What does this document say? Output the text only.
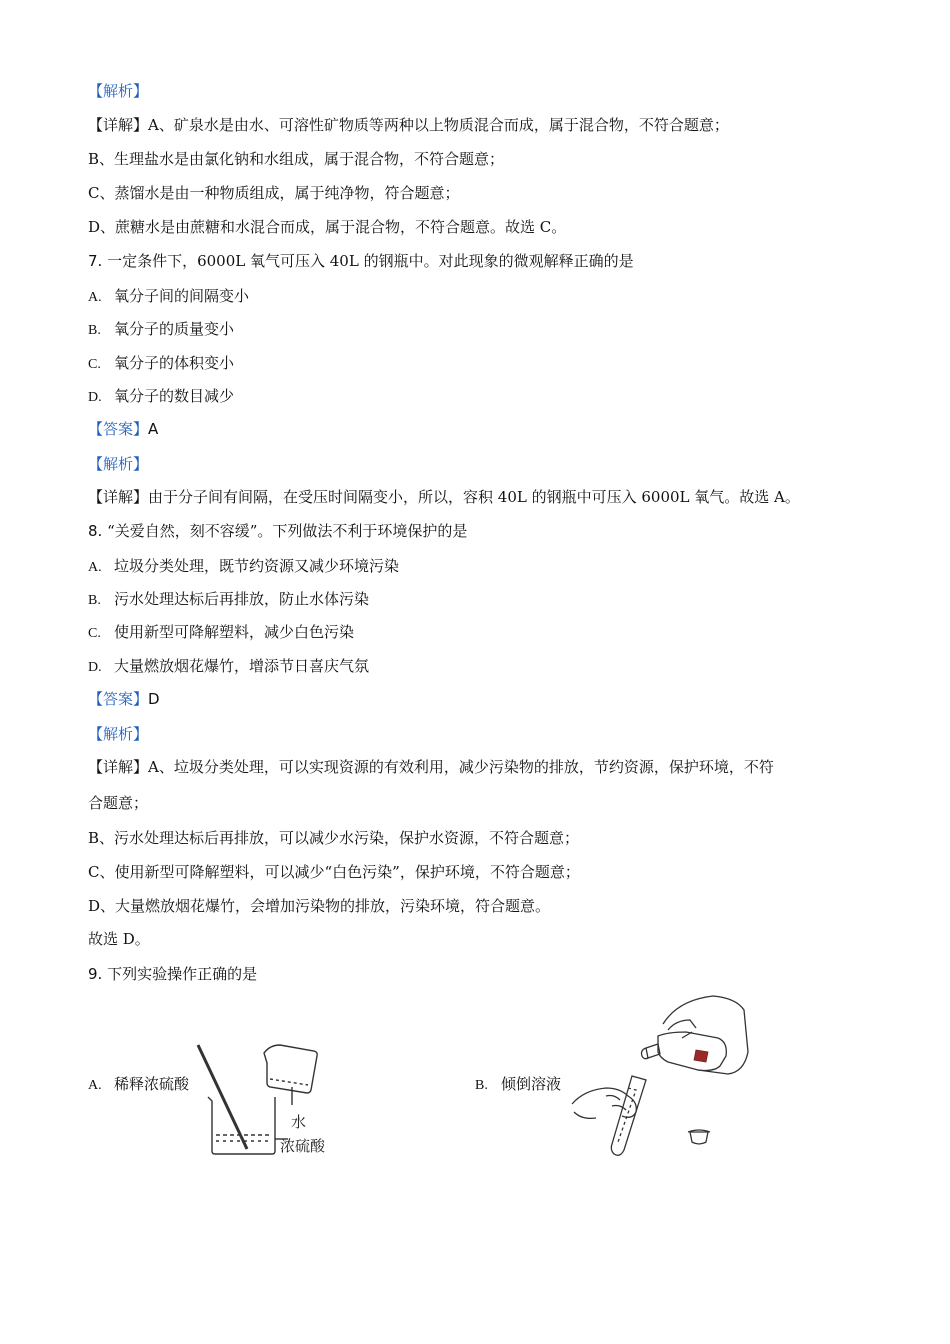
【解析】
【详解】A、矿泉水是由水、可溶性矿物质等两种以上物质混合而成，属于混合物，不符合题意；
B、生理盐水是由氯化钠和水组成，属于混合物，不符合题意；
C、蒸馏水是由一种物质组成，属于纯净物，符合题意；
D、蔗糖水是由蔗糖和水混合而成，属于混合物，不符合题意。故选 C。
7. 一定条件下，6000L 氧气可压入 40L 的钢瓶中。对此现象的微观解释正确的是
A. 氧分子间的间隔变小
B. 氧分子的质量变小
C. 氧分子的体积变小
D. 氧分子的数目减少
【答案】A
【解析】
【详解】由于分子间有间隔，在受压时间隔变小，所以，容积 40L 的钢瓶中可压入 6000L 氧气。故选 A。
8. “关爱自然，刻不容缓”。下列做法不利于环境保护的是
A. 垃圾分类处理，既节约资源又减少环境污染
B. 污水处理达标后再排放，防止水体污染
C. 使用新型可降解塑料，减少白色污染
D. 大量燃放烟花爆竹，增添节日喜庆气氛
【答案】D
【解析】
【详解】A、垃圾分类处理，可以实现资源的有效利用，减少污染物的排放，节约资源，保护环境，不符
合题意；
B、污水处理达标后再排放，可以减少水污染，保护水资源，不符合题意；
C、使用新型可降解塑料，可以减少“白色污染”，保护环境，不符合题意；
D、大量燃放烟花爆竹，会增加污染物的排放，污染环境，符合题意。
故选 D。
9. 下列实验操作正确的是
A. 稀释浓硫酸
水
浓硫酸
B. 倾倒溶液
